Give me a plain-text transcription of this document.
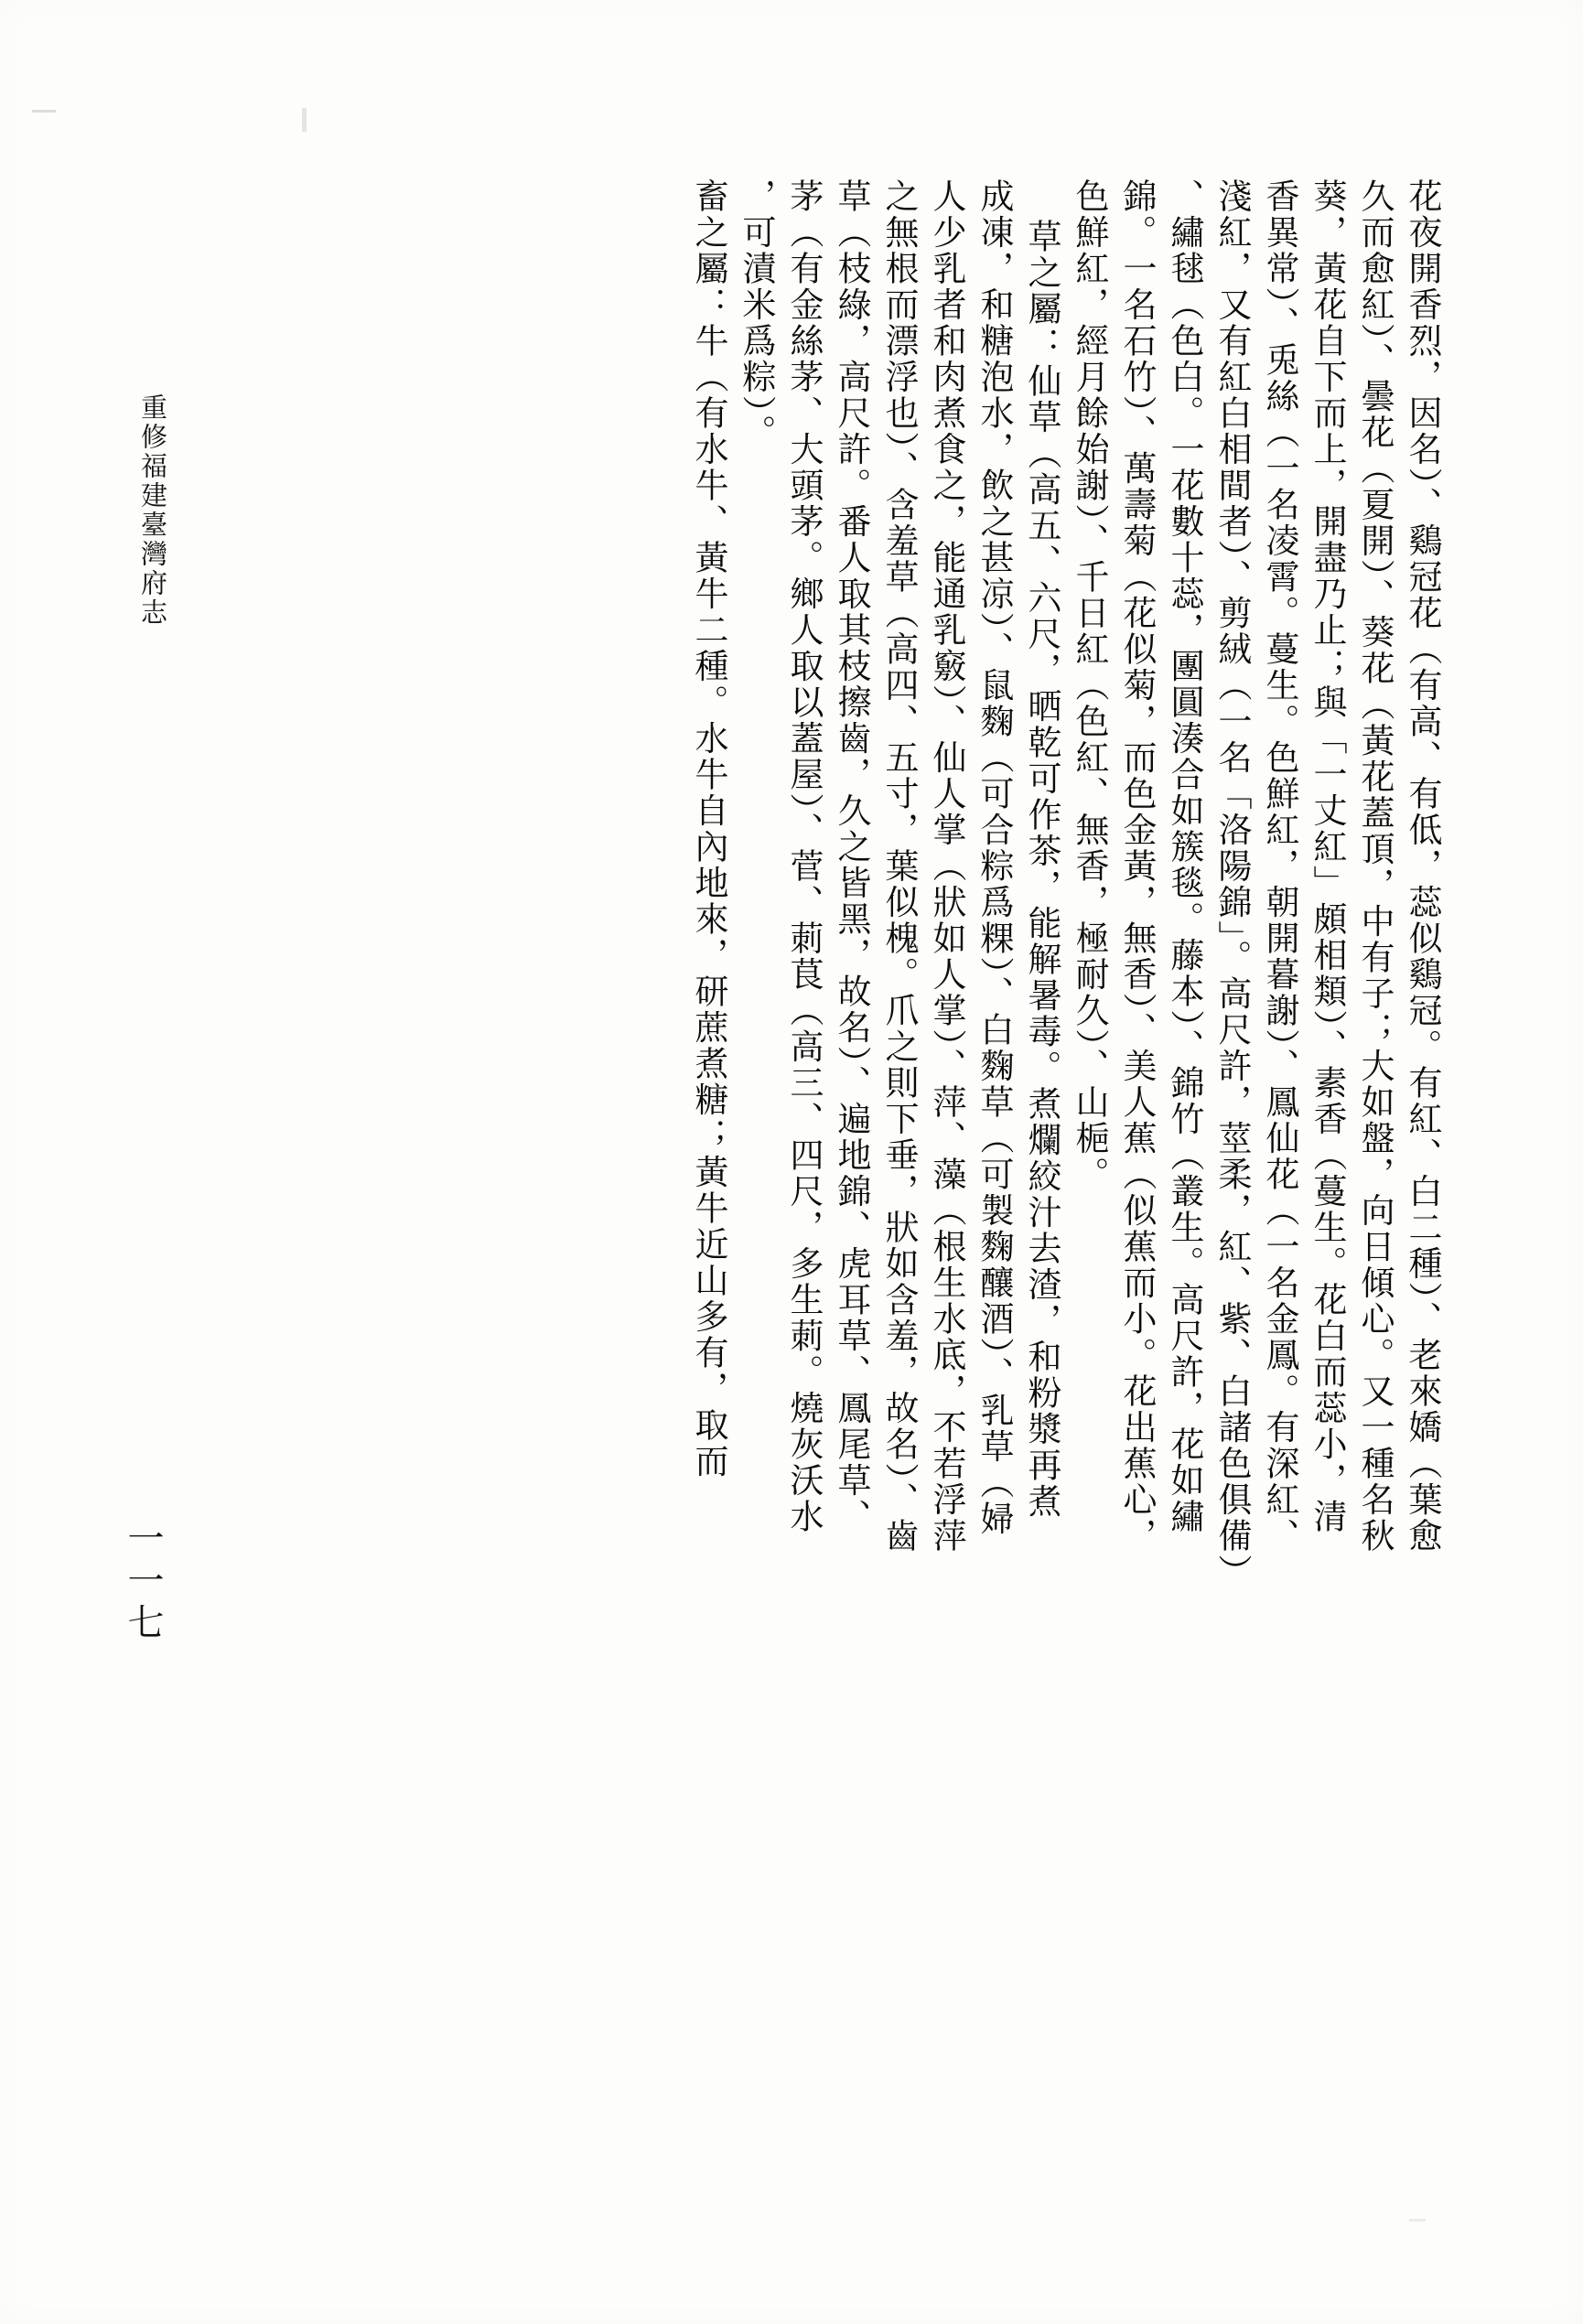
重修福建臺灣府志	花夜開香烈，因名）、鷄冠花（有高、有低，蕊似鷄冠。有紅、白二種）、老來嬌（葉愈
久而愈紅）、曇花（夏開）、葵花（黃花蓋頂，中有子；大如盤，向日傾心。又一種名秋
葵，黃花自下而上，開盡乃止；與「一丈紅」頗相類）、素香（蔓生。花白而蕊小，清
香異常）、兎絲（一名凌霄。蔓生。色鮮紅，朝開暮謝）、鳳仙花（一名金鳳。有深紅、
淺紅，又有紅白相間者）、剪絨（一名「洛陽錦」。高尺許，莖柔，紅、紫、白諸色俱備）
、繡毬（色白。一花數十蕊，團圓湊合如簇毯。藤本）、錦竹（叢生。高尺許，花如繡
錦。一名石竹）、萬壽菊（花似菊，而色金黃，無香）、美人蕉（似蕉而小。花出蕉心，
色鮮紅，經月餘始謝）、千日紅（色紅、無香，極耐久）、山梔。
草之屬：仙草（高五、六尺，晒乾可作茶，能解暑毒。煮爛絞汁去渣，和粉漿再煮
成凍，和糖泡水，飲之甚凉）、鼠麴（可合粽爲粿）、白麴草（可製麴釀酒）、乳草（婦
人少乳者和肉煮食之，能通乳竅）、仙人掌（狀如人掌）、萍、藻（根生水底，不若浮萍
之無根而漂浮也）、含羞草（高四、五寸，葉似槐。爪之則下垂，狀如含羞，故名）、齒
草（枝綠，高尺許。番人取其枝擦齒，久之皆黑，故名）、遍地錦、虎耳草、鳳尾草、
茅（有金絲茅、大頭茅。鄉人取以蓋屋）、菅、莿茛（高三、四尺，多生莿。燒灰沃水
，可漬米爲粽）。
畜之屬：牛（有水牛、黃牛二種。水牛自內地來，研蔗煮糖；黃牛近山多有，取而
一一七
